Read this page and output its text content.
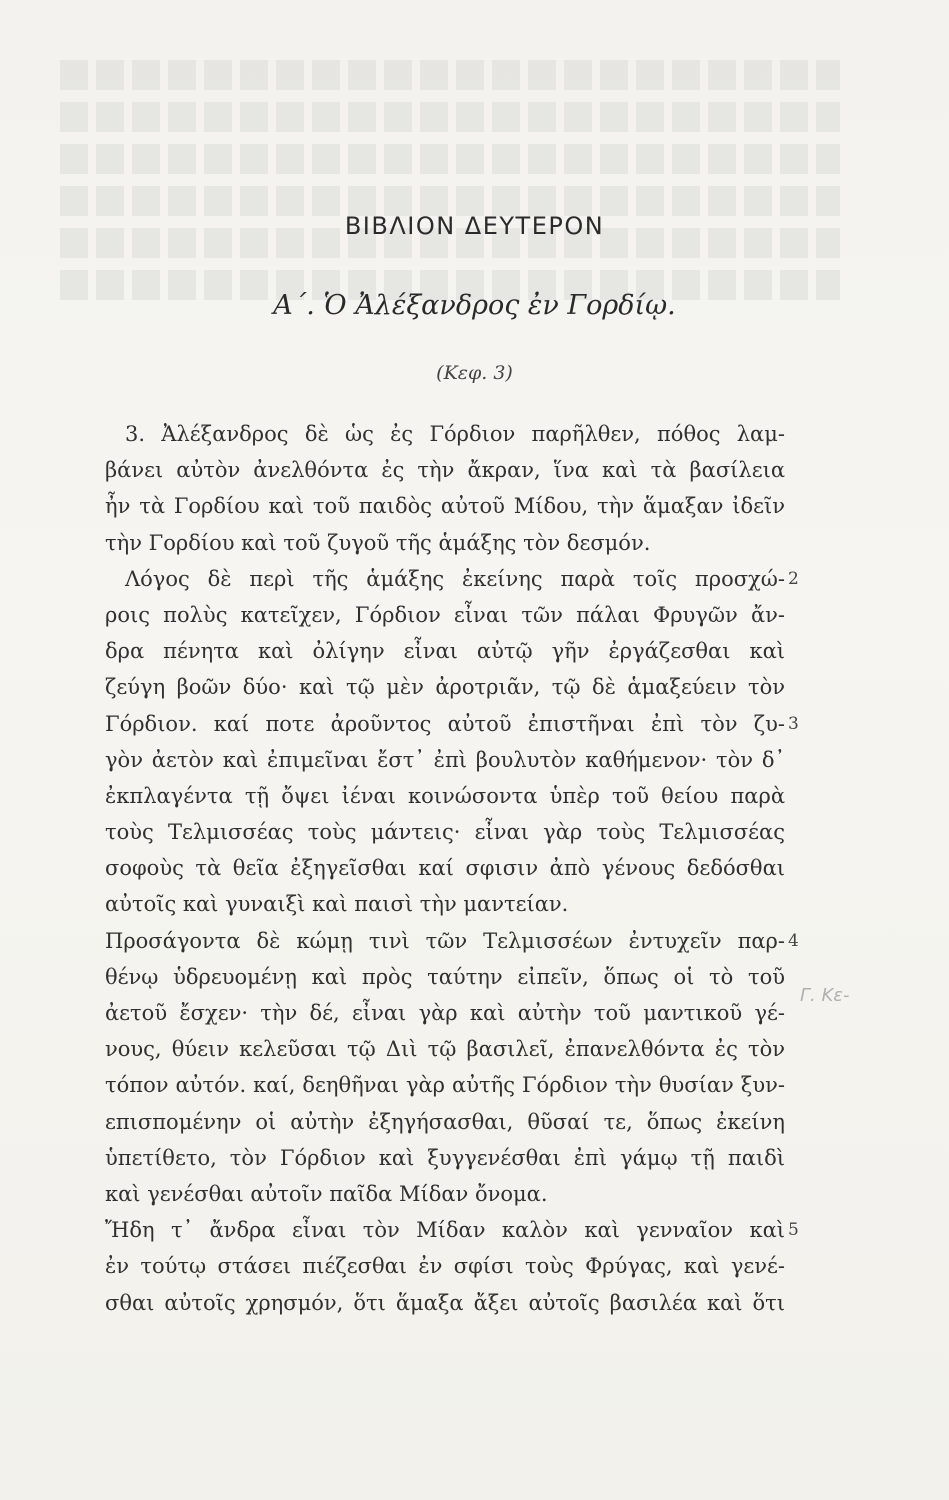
ΒΙΒΛΙΟΝ ΔΕΥΤΕΡΟΝ
Α΄. Ὁ Ἀλέξανδρος ἐν Γορδίῳ.
(Κεφ. 3)
3. Ἀλέξανδρος δὲ ὡς ἐς Γόρδιον παρῆλθεν, πόθος λαμ-
βάνει αὐτὸν ἀνελθόντα ἐς τὴν ἄκραν, ἵνα καὶ τὰ βασίλεια
ἦν τὰ Γορδίου καὶ τοῦ παιδὸς αὐτοῦ Μίδου, τὴν ἅμαξαν ἰδεῖν
τὴν Γορδίου καὶ τοῦ ζυγοῦ τῆς ἁμάξης τὸν δεσμόν.
Λόγος δὲ περὶ τῆς ἁμάξης ἐκείνης παρὰ τοῖς προσχώ-
ροις πολὺς κατεῖχεν, Γόρδιον εἶναι τῶν πάλαι Φρυγῶν ἄν-
δρα πένητα καὶ ὀλίγην εἶναι αὐτῷ γῆν ἐργάζεσθαι καὶ
ζεύγη βοῶν δύο· καὶ τῷ μὲν ἀροτριᾶν, τῷ δὲ ἁμαξεύειν τὸν
Γόρδιον. καί ποτε ἀροῦντος αὐτοῦ ἐπιστῆναι ἐπὶ τὸν ζυ-
γὸν ἀετὸν καὶ ἐπιμεῖναι ἔστ᾽ ἐπὶ βουλυτὸν καθήμενον· τὸν δ᾽
ἐκπλαγέντα τῇ ὄψει ἰέναι κοινώσοντα ὑπὲρ τοῦ θείου παρὰ
τοὺς Τελμισσέας τοὺς μάντεις· εἶναι γὰρ τοὺς Τελμισσέας
σοφοὺς τὰ θεῖα ἐξηγεῖσθαι καί σφισιν ἀπὸ γένους δεδόσθαι
αὐτοῖς καὶ γυναιξὶ καὶ παισὶ τὴν μαντείαν.
Προσάγοντα δὲ κώμῃ τινὶ τῶν Τελμισσέων ἐντυχεῖν παρ-
θένῳ ὑδρευομένῃ καὶ πρὸς ταύτην εἰπεῖν, ὅπως οἱ τὸ τοῦ
ἀετοῦ ἔσχεν· τὴν δέ, εἶναι γὰρ καὶ αὐτὴν τοῦ μαντικοῦ γέ-
νους, θύειν κελεῦσαι τῷ Διὶ τῷ βασιλεῖ, ἐπανελθόντα ἐς τὸν
τόπον αὐτόν. καί, δεηθῆναι γὰρ αὐτῆς Γόρδιον τὴν θυσίαν ξυν-
επισπομένην οἱ αὐτὴν ἐξηγήσασθαι, θῦσαί τε, ὅπως ἐκείνη
ὑπετίθετο, τὸν Γόρδιον καὶ ξυγγενέσθαι ἐπὶ γάμῳ τῇ παιδὶ
καὶ γενέσθαι αὐτοῖν παῖδα Μίδαν ὄνομα.
Ἤδη τ᾽ ἄνδρα εἶναι τὸν Μίδαν καλὸν καὶ γενναῖον καὶ
ἐν τούτῳ στάσει πιέζεσθαι ἐν σφίσι τοὺς Φρύγας, καὶ γενέ-
σθαι αὐτοῖς χρησμόν, ὅτι ἅμαξα ἄξει αὐτοῖς βασιλέα καὶ ὅτι
Γ. Κε-
2
3
4
5
